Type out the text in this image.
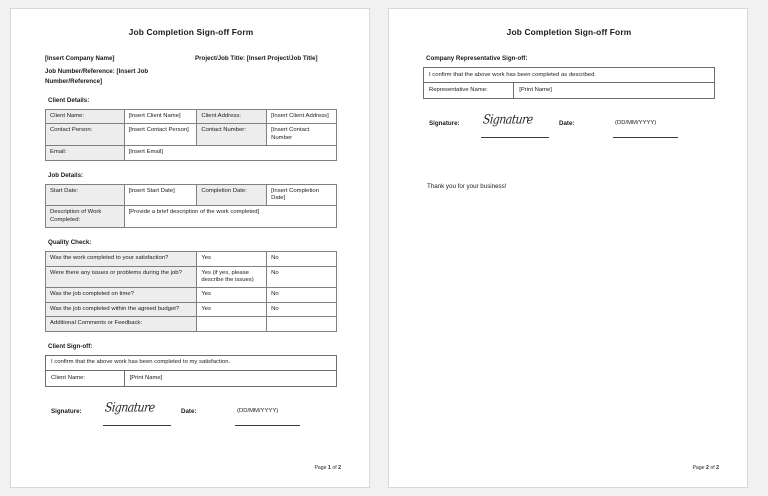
Job Completion Sign-off Form
[Insert Company Name]	Project/Job Title: [Insert Project/Job Title]
Job Number/Reference: [Insert Job Number/Reference]
Client Details:
Client Name:	[Insert Client Name]	Client Address:	[Insert Client Address]
Contact Person:	[Insert Contact Person]	Contact Number:	[Insert Contact Number
Email:	[Insert Email]		
Job Details:
Start Date:	[Insert Start Date]	Completion Date:	[Insert Completion Date]
Description of Work Completed:	[Provide a brief description of the work completed]		
Quality Check:
Was the work completed to your satisfaction?	Yes	No
Were there any issues or problems during the job?	Yes (if yes, please describe the issues)	No
Was the job completed on time?	Yes	No
Was the job completed within the agreed budget?	Yes	No
Additional Comments or Feedback:		
Client Sign-off:
I confirm that the above work has been completed to my satisfaction.
Client Name:	[Print Name]
Signature: Signature	Date:	(DD/MM/YYYY)
Page 1 of 2
Job Completion Sign-off Form
Company Representative Sign-off:
I confirm that the above work has been completed as described.
Representative Name:	[Print Name]
Signature: Signature	Date:	(DD/MM/YYYY)
Thank you for your business!
Page 2 of 2
